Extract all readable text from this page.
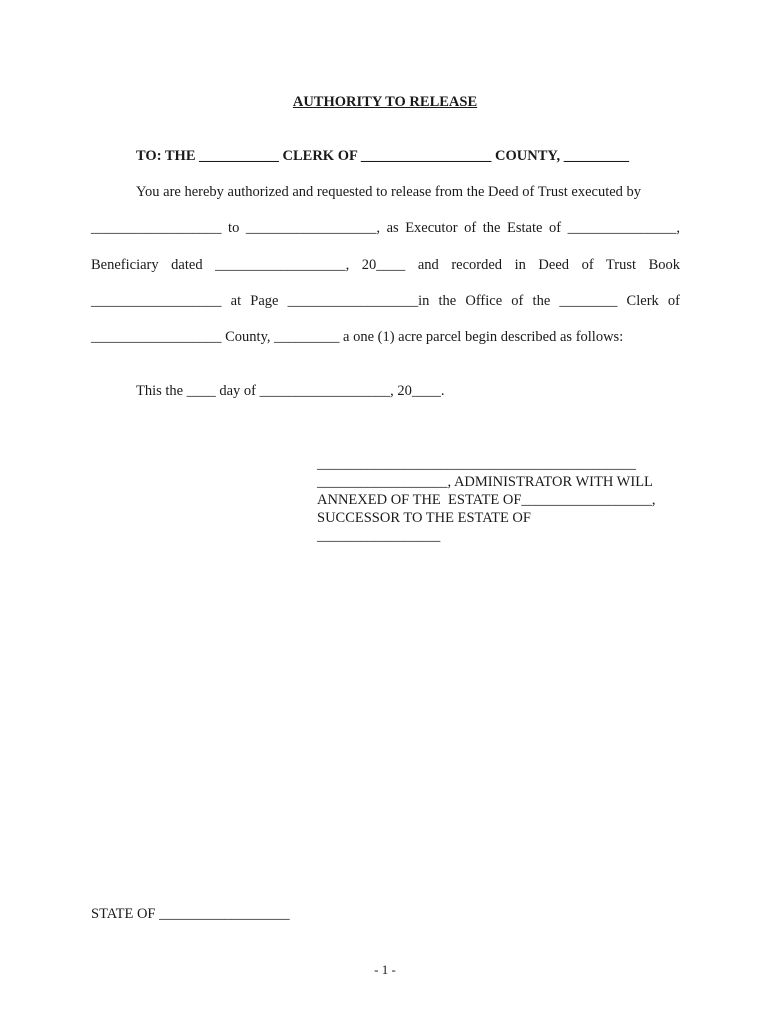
AUTHORITY TO RELEASE
TO: THE ___________ CLERK OF __________________ COUNTY, _________
You are hereby authorized and requested to release from the Deed of Trust executed by
__________________ to __________________, as Executor of the Estate of _______________,
Beneficiary dated __________________, 20____ and recorded in Deed of Trust Book
__________________ at Page __________________in the Office of the ________ Clerk of
__________________ County, _________ a one (1) acre parcel begin described as follows:
This the ____ day of __________________, 20____.
____________________________________________
__________________, ADMINISTRATOR WITH WILL
ANNEXED OF THE  ESTATE OF__________________,
SUCCESSOR TO THE ESTATE OF
_________________
STATE OF __________________
- 1 -
